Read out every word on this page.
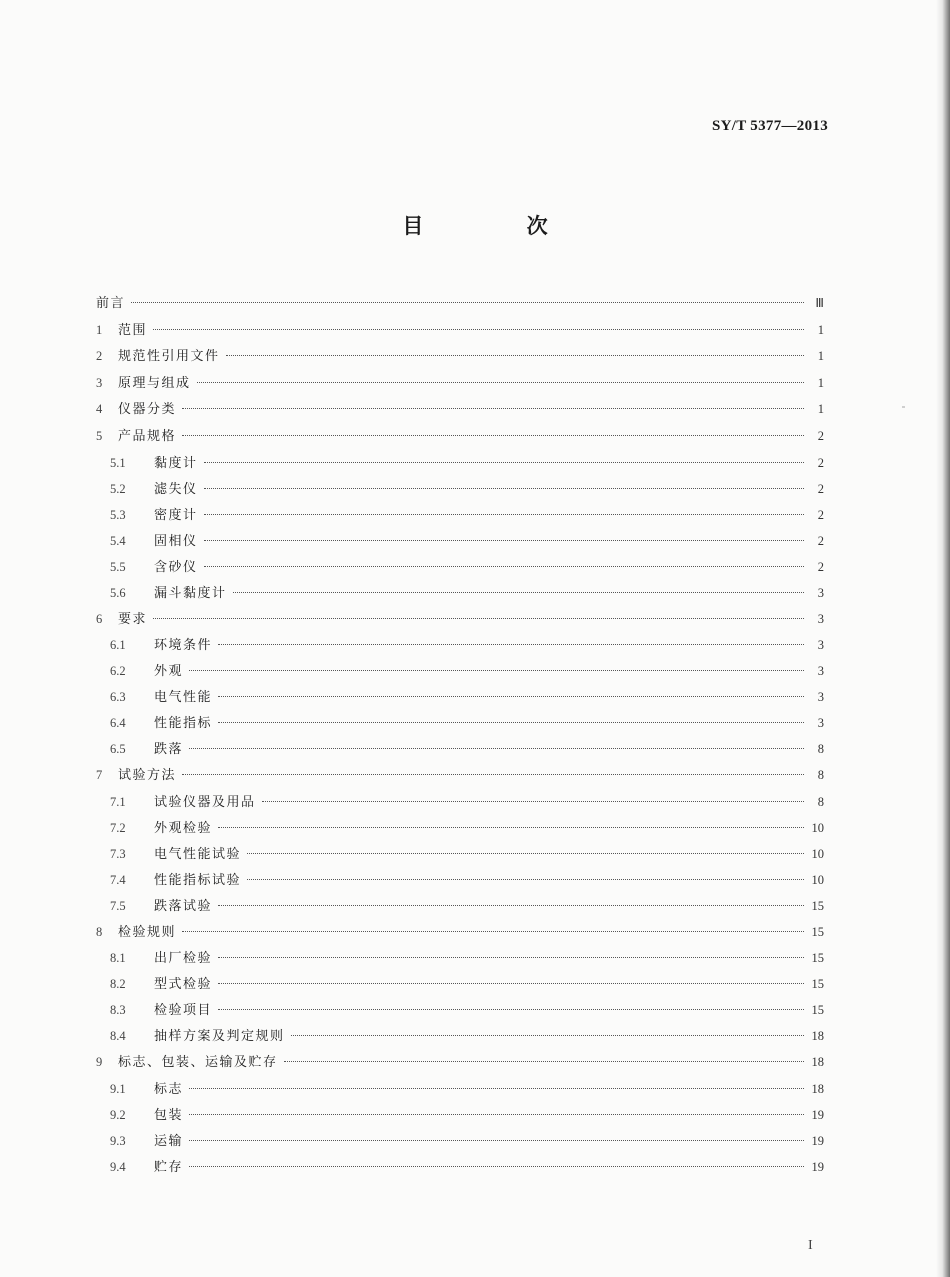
SY/T 5377—2013
目 次
前言	Ⅲ
1	范围	1
2	规范性引用文件	1
3	原理与组成	1
4	仪器分类	1
5	产品规格	2
5.1	黏度计	2
5.2	滤失仪	2
5.3	密度计	2
5.4	固相仪	2
5.5	含砂仪	2
5.6	漏斗黏度计	3
6	要求	3
6.1	环境条件	3
6.2	外观	3
6.3	电气性能	3
6.4	性能指标	3
6.5	跌落	8
7	试验方法	8
7.1	试验仪器及用品	8
7.2	外观检验	10
7.3	电气性能试验	10
7.4	性能指标试验	10
7.5	跌落试验	15
8	检验规则	15
8.1	出厂检验	15
8.2	型式检验	15
8.3	检验项目	15
8.4	抽样方案及判定规则	18
9	标志、包装、运输及贮存	18
9.1	标志	18
9.2	包装	19
9.3	运输	19
9.4	贮存	19
I
